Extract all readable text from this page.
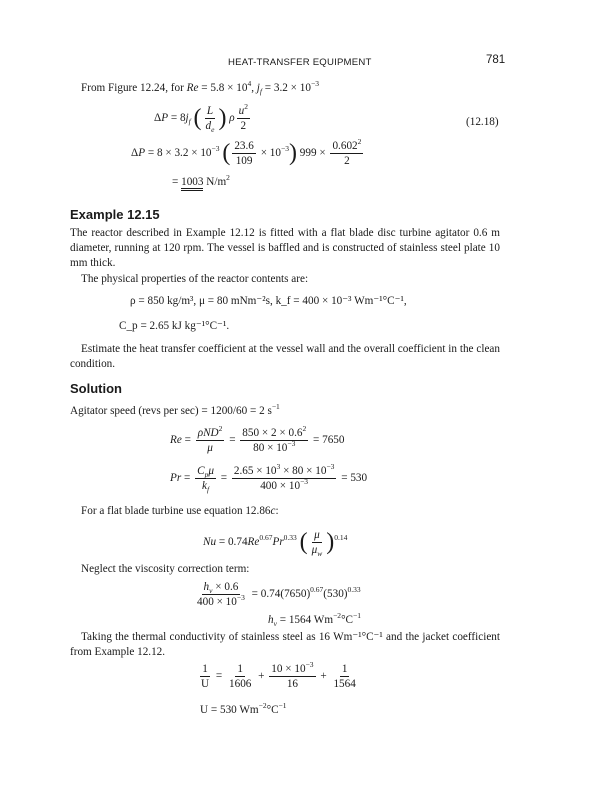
HEAT-TRANSFER EQUIPMENT	781
From Figure 12.24, for $Re = 5.8 \times 10^4$, $j_f = 3.2 \times 10^{-3}$
$\Delta P = 8j_f$ ( $\frac{L}{d_e}$ ) ρ $\frac{u^2}{2}$	(12.18)
$\Delta P = 8 \times 3.2 \times 10^{-3}$ ( $\frac{23.6}{109} \times 10^{-3}$) $999 \times \frac{0.602^2}{2}$
= 1003 $N/m^2$
Example 12.15
The reactor described in Example 12.12 is fitted with a flat blade disc turbine agitator 0.6 m diameter, running at 120 rpm. The vessel is baffled and is constructed of stainless steel plate 10 mm thick.
The physical properties of the reactor contents are:
ρ = 850 kg/m³, μ = 80 mNm⁻²s, k_f = 400 × 10⁻³ Wm⁻¹°C⁻¹,
C_p = 2.65 kJ kg⁻¹°C⁻¹.
Estimate the heat transfer coefficient at the vessel wall and the overall coefficient in the clean condition.
Solution
Agitator speed (revs per sec) = 1200/60 = 2 $s^{-1}$
Re =
ρND$^2$
μ
= $\frac{850 \times 2 \times 0.6^2}{80 \times 10^{-3}} = 7650$
Pr =
$C_p\mu$
$k_f$
= $\frac{2.65 \times 10^3 \times 80 \times 10^{-3}}{400 \times 10^{-3}} = 530$
For a flat blade turbine use equation 12.86c:
$Nu = 0.74Re^{0.67}Pr^{0.33}$ ( $\frac{\mu}{\mu_w} )^{0.14}$
Neglect the viscosity correction term:
$\frac{h_v \times 0.6}{400 \times 10^{-3}} = 0.74(7650)^{0.67}(530)^{0.33}$
$h_v = 1564$ $Wm^{-2}^\circ C^{-1}$
Taking the thermal conductivity of stainless steel as 16 Wm⁻¹°C⁻¹ and the jacket coefficient from Example 12.12.
$\frac{1}{U} = \frac{1}{1606} + \frac{10 \times 10^{-3}}{16} + \frac{1}{1564}$
U = 530 $Wm^{-2}^\circ C^{-1}$
